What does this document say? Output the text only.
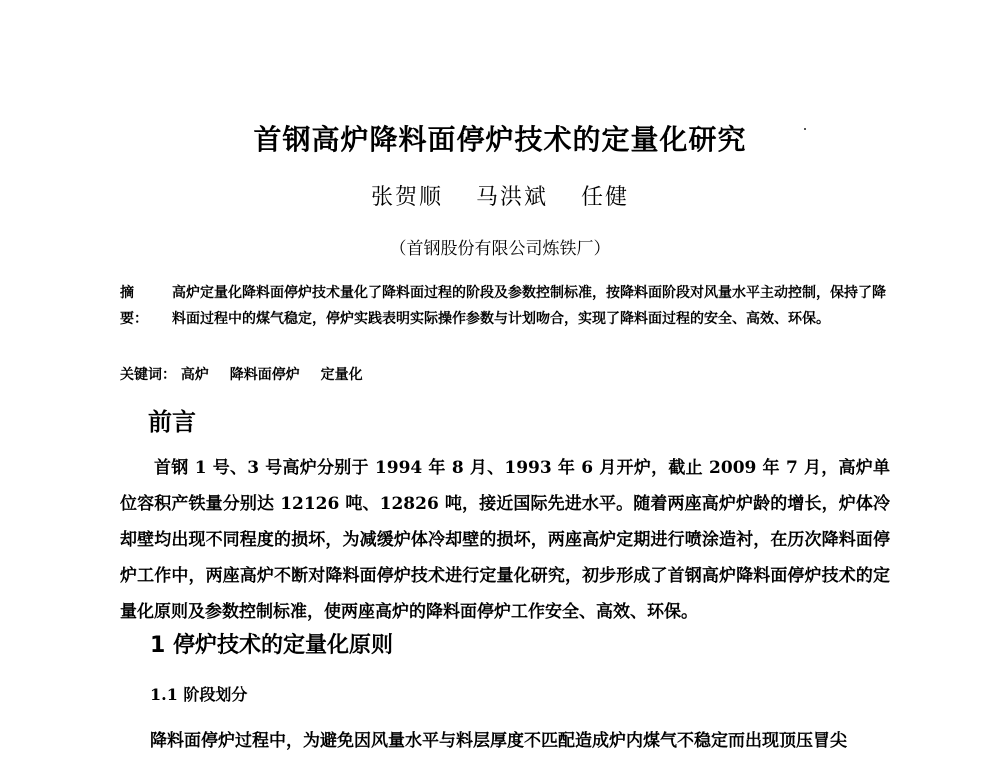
首钢高炉降料面停炉技术的定量化研究
张贺顺 马洪斌 任健
（首钢股份有限公司炼铁厂）
摘　要：
高炉定量化降料面停炉技术量化了降料面过程的阶段及参数控制标准，按降料面阶段对风量水平主动控制，保持了降料面过程中的煤气稳定，停炉实践表明实际操作参数与计划吻合，实现了降料面过程的安全、高效、环保。
关键词： 高炉 降料面停炉 定量化
前言
首钢 1 号、3 号高炉分别于 1994 年 8 月、1993 年 6 月开炉，截止 2009 年 7 月，高炉单位容积产铁量分别达 12126 吨、12826 吨，接近国际先进水平。随着两座高炉炉龄的增长，炉体冷却壁均出现不同程度的损坏，为减缓炉体冷却壁的损坏，两座高炉定期进行喷涂造衬，在历次降料面停炉工作中，两座高炉不断对降料面停炉技术进行定量化研究，初步形成了首钢高炉降料面停炉技术的定量化原则及参数控制标准，使两座高炉的降料面停炉工作安全、高效、环保。
1 停炉技术的定量化原则
1.1 阶段划分
降料面停炉过程中，为避免因风量水平与料层厚度不匹配造成炉内煤气不稳定而出现顶压冒尖
